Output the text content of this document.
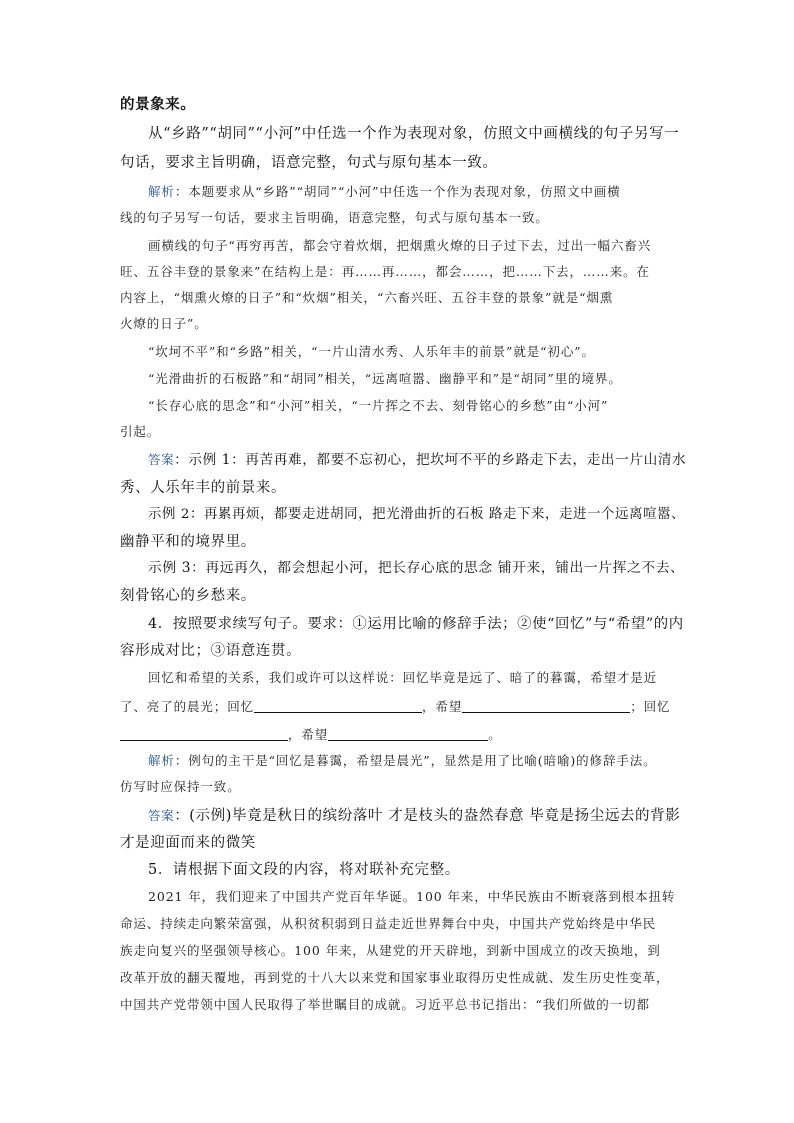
的景象来。
从“乡路”“胡同”“小河”中任选一个作为表现对象，仿照文中画横线的句子另写一
句话，要求主旨明确，语意完整，句式与原句基本一致。
解析：本题要求从“乡路”“胡同”“小河”中任选一个作为表现对象，仿照文中画横
线的句子另写一句话，要求主旨明确，语意完整，句式与原句基本一致。
画横线的句子“再穷再苦，都会守着炊烟，把烟熏火燎的日子过下去，过出一幅六畜兴
旺、五谷丰登的景象来”在结构上是：再……再……，都会……，把……下去，……来。在
内容上，“烟熏火燎的日子”和“炊烟”相关，“六畜兴旺、五谷丰登的景象”就是“烟熏
火燎的日子”。
“坎坷不平”和“乡路”相关，“一片山清水秀、人乐年丰的前景”就是“初心”。
“光滑曲折的石板路”和“胡同”相关，“远离喧嚣、幽静平和”是“胡同”里的境界。
“长存心底的思念”和“小河”相关，“一片挥之不去、刻骨铭心的乡愁”由“小河”
引起。
答案：示例 1：再苦再难，都要不忘初心，把坎坷不平的乡路走下去，走出一片山清水
秀、人乐年丰的前景来。
示例 2：再累再烦，都要走进胡同，把光滑曲折的石板 路走下来，走进一个远离喧嚣、
幽静平和的境界里。
示例 3：再远再久，都会想起小河，把长存心底的思念 铺开来，铺出一片挥之不去、
刻骨铭心的乡愁来。
4．按照要求续写句子。要求：①运用比喻的修辞手法；②使“回忆”与“希望”的内
容形成对比；③语意连贯。
回忆和希望的关系，我们或许可以这样说：回忆毕竟是远了、暗了的暮霭，希望才是近
了、亮了的晨光；回忆	，希望	；回忆
，希望	。
解析：例句的主干是“回忆是暮霭，希望是晨光”，显然是用了比喻(暗喻)的修辞手法。
仿写时应保持一致。
答案：(示例)毕竟是秋日的缤纷落叶 才是枝头的盎然春意 毕竟是扬尘远去的背影
才是迎面而来的微笑
5．请根据下面文段的内容，将对联补充完整。
2021 年，我们迎来了中国共产党百年华诞。100 年来，中华民族由不断衰落到根本扭转
命运、持续走向繁荣富强，从积贫积弱到日益走近世界舞台中央，中国共产党始终是中华民
族走向复兴的坚强领导核心。100 年来，从建党的开天辟地，到新中国成立的改天换地，到
改革开放的翻天覆地，再到党的十八大以来党和国家事业取得历史性成就、发生历史性变革，
中国共产党带领中国人民取得了举世瞩目的成就。习近平总书记指出：“我们所做的一切都
